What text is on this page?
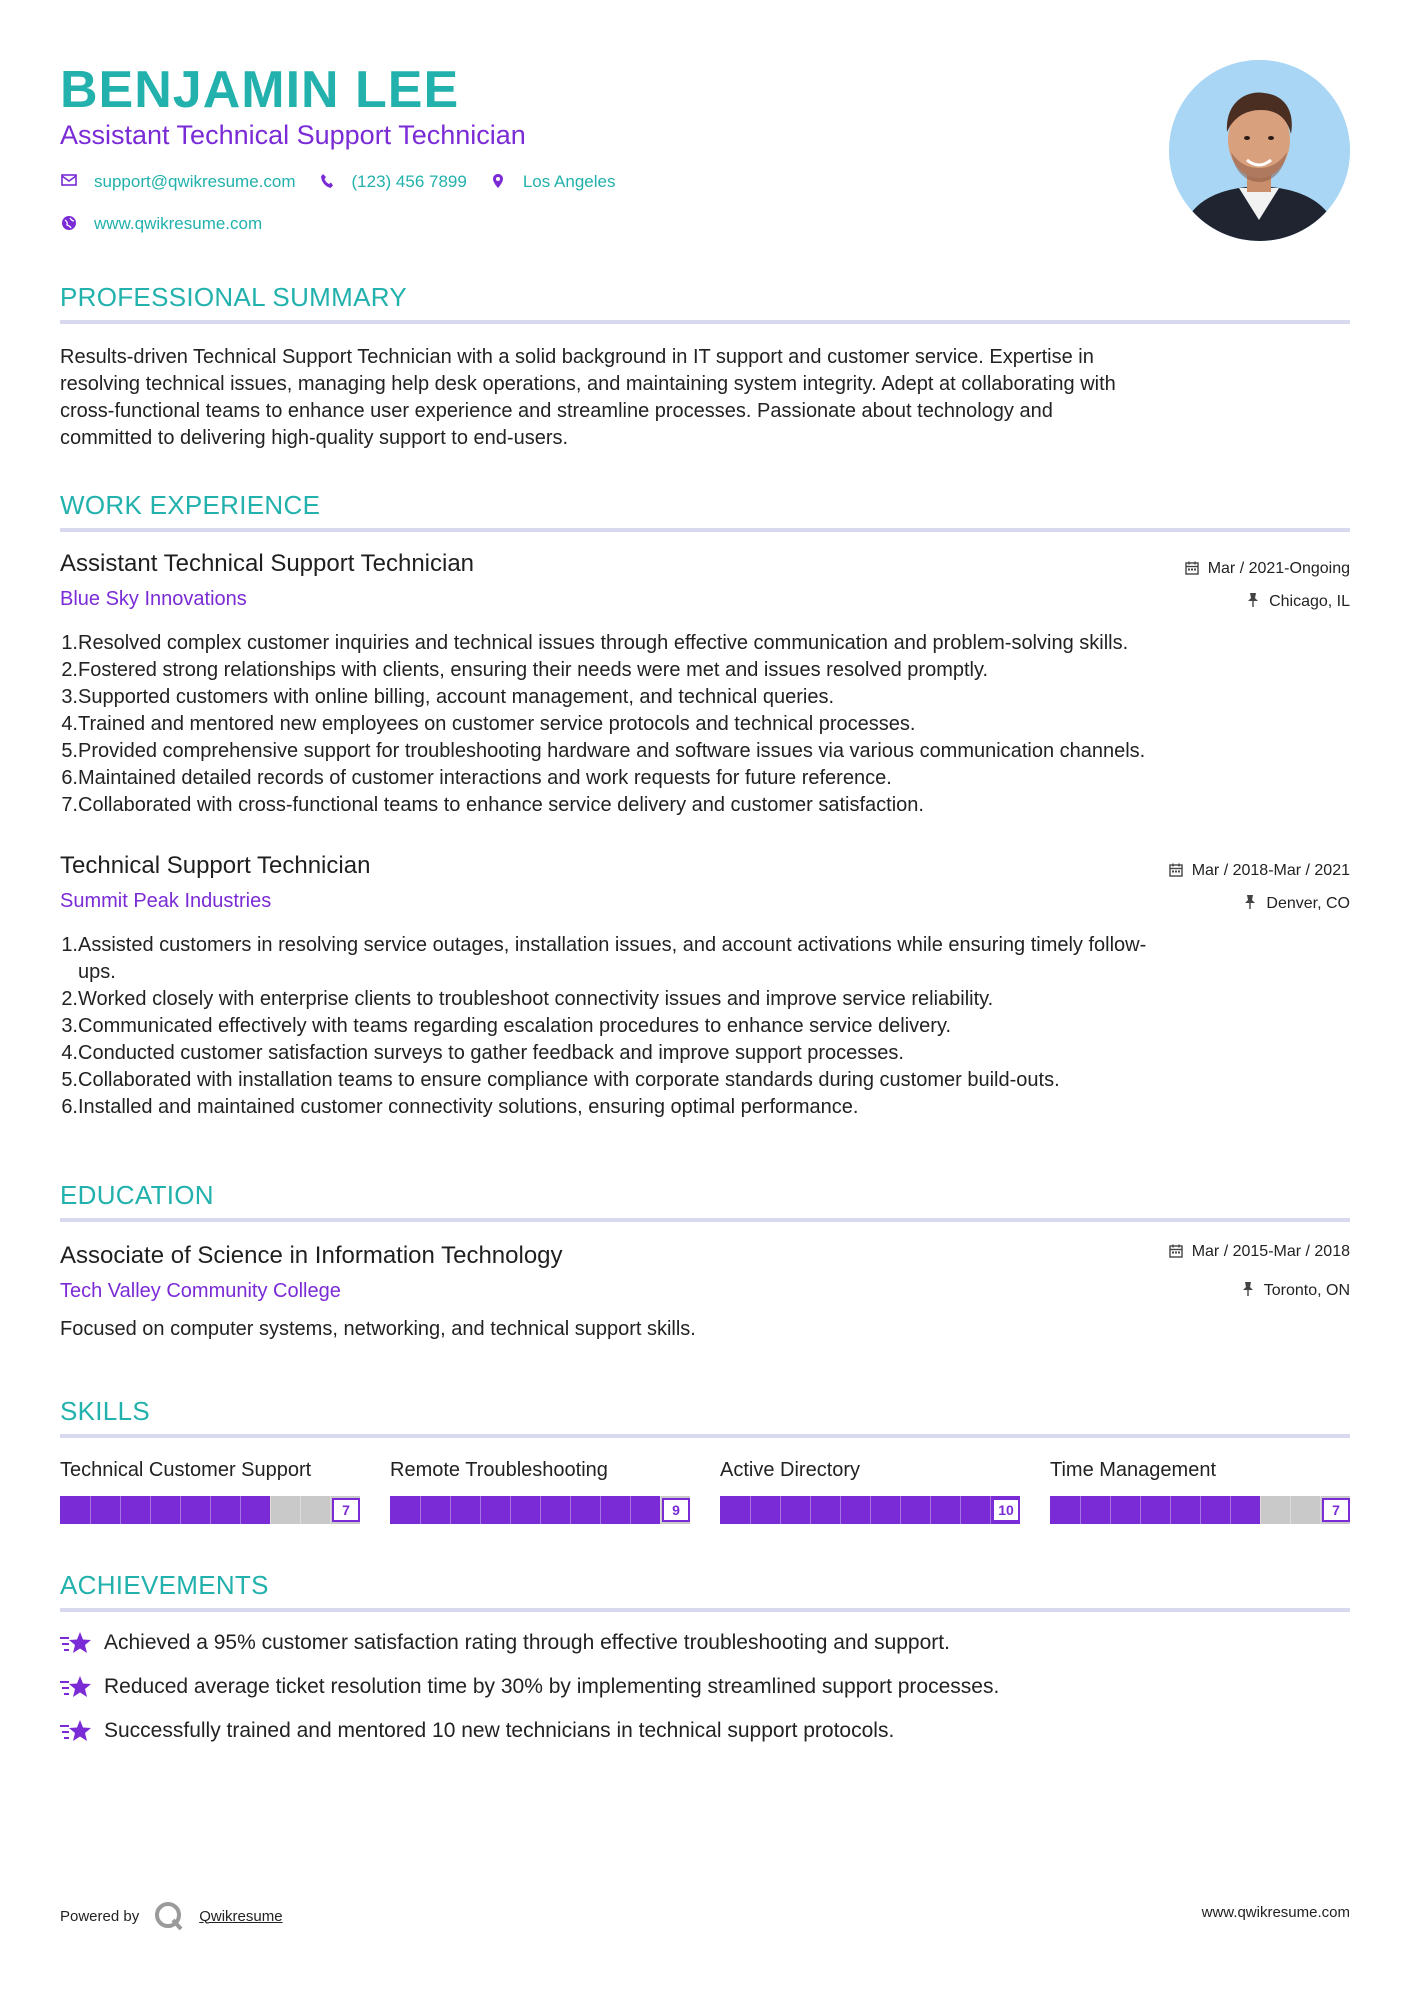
BENJAMIN LEE
Assistant Technical Support Technician
support@qwikresume.com	(123) 456 7899	Los Angeles
www.qwikresume.com
PROFESSIONAL SUMMARY
Results-driven Technical Support Technician with a solid background in IT support and customer service. Expertise in
resolving technical issues, managing help desk operations, and maintaining system integrity. Adept at collaborating with
cross-functional teams to enhance user experience and streamline processes. Passionate about technology and
committed to delivering high-quality support to end-users.
WORK EXPERIENCE
Assistant Technical Support Technician	Mar / 2021-Ongoing
Blue Sky Innovations	Chicago, IL
1. Resolved complex customer inquiries and technical issues through effective communication and problem-solving skills.
2. Fostered strong relationships with clients, ensuring their needs were met and issues resolved promptly.
3. Supported customers with online billing, account management, and technical queries.
4. Trained and mentored new employees on customer service protocols and technical processes.
5. Provided comprehensive support for troubleshooting hardware and software issues via various communication channels.
6. Maintained detailed records of customer interactions and work requests for future reference.
7. Collaborated with cross-functional teams to enhance service delivery and customer satisfaction.
Technical Support Technician	Mar / 2018-Mar / 2021
Summit Peak Industries	Denver, CO
1. Assisted customers in resolving service outages, installation issues, and account activations while ensuring timely follow-
ups.
2. Worked closely with enterprise clients to troubleshoot connectivity issues and improve service reliability.
3. Communicated effectively with teams regarding escalation procedures to enhance service delivery.
4. Conducted customer satisfaction surveys to gather feedback and improve support processes.
5. Collaborated with installation teams to ensure compliance with corporate standards during customer build-outs.
6. Installed and maintained customer connectivity solutions, ensuring optimal performance.
EDUCATION
Associate of Science in Information Technology	Mar / 2015-Mar / 2018
Tech Valley Community College	Toronto, ON
Focused on computer systems, networking, and technical support skills.
SKILLS
Technical Customer Support
7
Remote Troubleshooting
9
Active Directory
10
Time Management
7
ACHIEVEMENTS
Achieved a 95% customer satisfaction rating through effective troubleshooting and support.
Reduced average ticket resolution time by 30% by implementing streamlined support processes.
Successfully trained and mentored 10 new technicians in technical support protocols.
Powered by	Qwikresume	www.qwikresume.com
